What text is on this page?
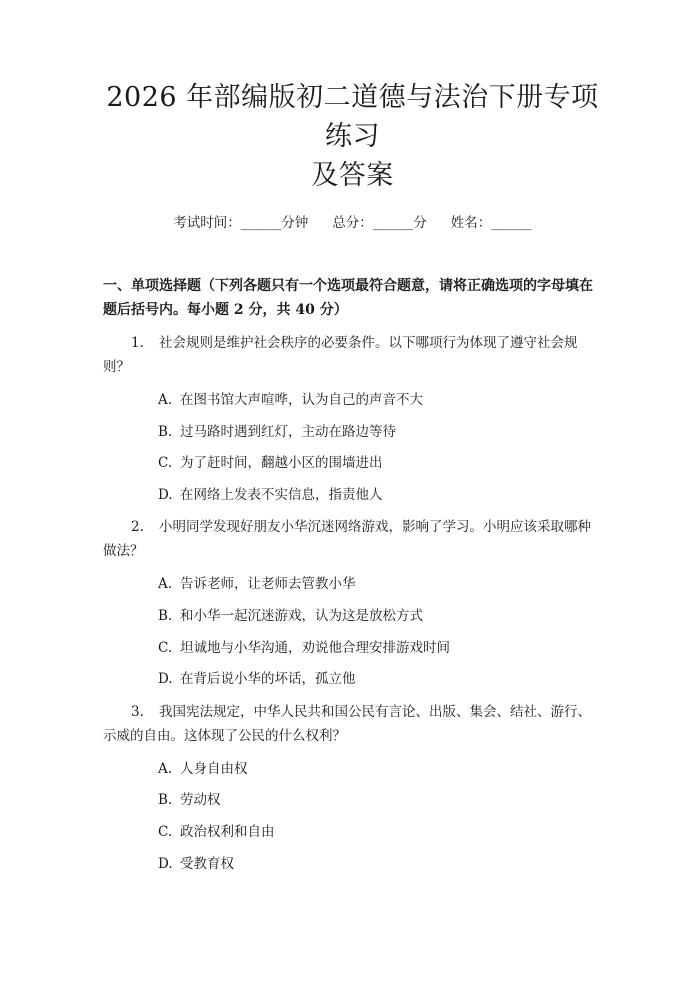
2026 年部编版初二道德与法治下册专项练习
及答案
考试时间：______分钟 总分：______分 姓名：______
一、单项选择题（下列各题只有一个选项最符合题意，请将正确选项的字母填在题后括号内。每小题 2 分，共 40 分）
1. 社会规则是维护社会秩序的必要条件。以下哪项行为体现了遵守社会规则？
A. 在图书馆大声喧哗，认为自己的声音不大
B. 过马路时遇到红灯，主动在路边等待
C. 为了赶时间，翻越小区的围墙进出
D. 在网络上发表不实信息，指责他人
2. 小明同学发现好朋友小华沉迷网络游戏，影响了学习。小明应该采取哪种做法？
A. 告诉老师，让老师去管教小华
B. 和小华一起沉迷游戏，认为这是放松方式
C. 坦诚地与小华沟通，劝说他合理安排游戏时间
D. 在背后说小华的坏话，孤立他
3. 我国宪法规定，中华人民共和国公民有言论、出版、集会、结社、游行、示威的自由。这体现了公民的什么权利？
A. 人身自由权
B. 劳动权
C. 政治权利和自由
D. 受教育权
